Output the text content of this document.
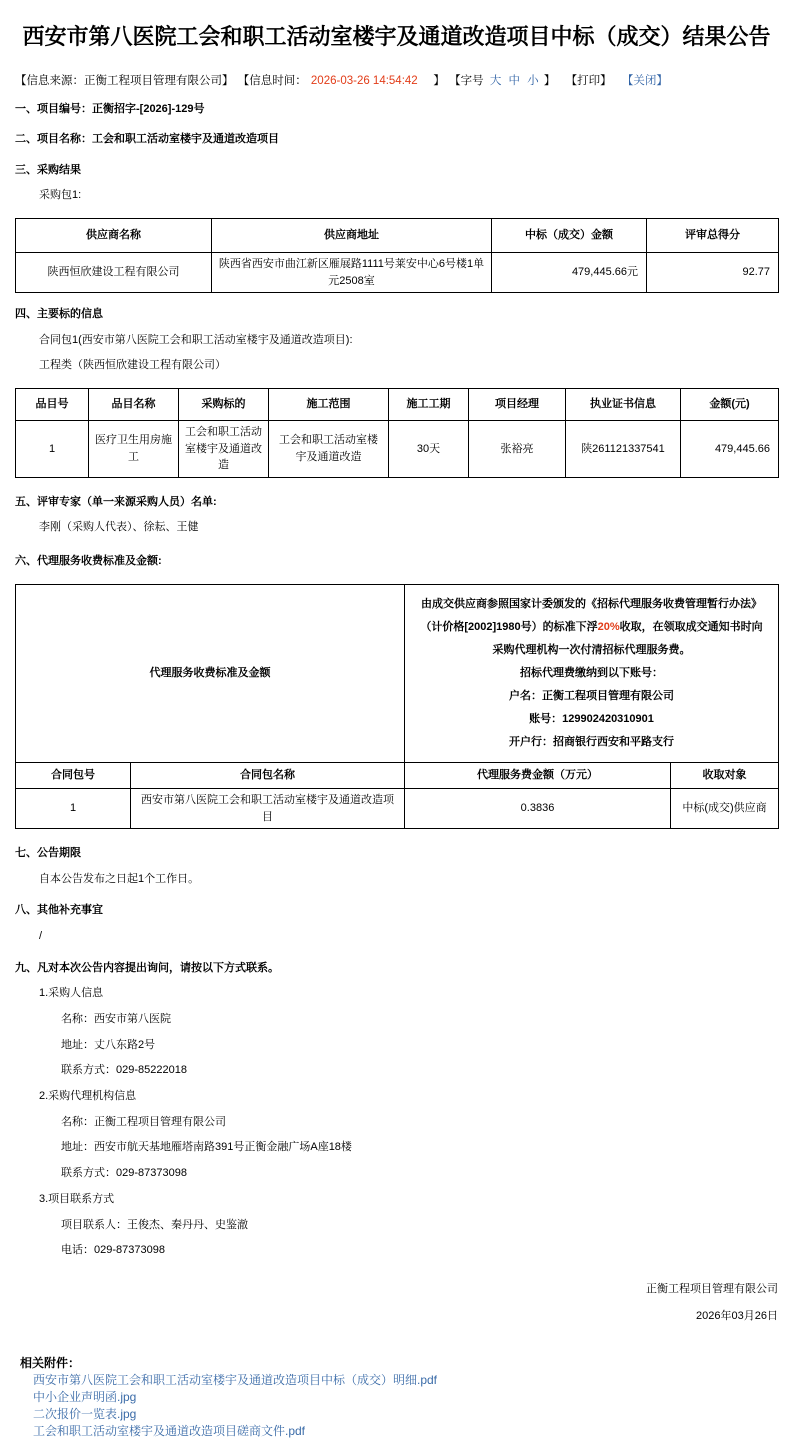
西安市第八医院工会和职工活动室楼宇及通道改造项目中标（成交）结果公告
【信息来源：正衡工程项目管理有限公司】 【信息时间： 2026-03-26 14:54:42 　】 【字号 大 中 小 】 【打印】 【关闭】
一、项目编号：正衡招字-[2026]-129号
二、项目名称：工会和职工活动室楼宇及通道改造项目
三、采购结果
采购包1:
供应商名称	供应商地址	中标（成交）金额	评审总得分
陕西恒欣建设工程有限公司	陕西省西安市曲江新区雁展路1111号莱安中心6号楼1单元2508室	479,445.66元	92.77
四、主要标的信息
合同包1(西安市第八医院工会和职工活动室楼宇及通道改造项目):
工程类（陕西恒欣建设工程有限公司）
品目号	品目名称	采购标的	施工范围	施工工期	项目经理	执业证书信息	金额(元)
1	医疗卫生用房施工	工会和职工活动室楼宇及通道改造	工会和职工活动室楼宇及通道改造	30天	张裕亮	陕261121337541	479,445.66
五、评审专家（单一来源采购人员）名单:
李刚（采购人代表）、徐耘、王健
六、代理服务收费标准及金额:
代理服务收费标准及金额		由成交供应商参照国家计委颁发的《招标代理服务收费管理暂行办法》（计价格[2002]1980号）的标准下浮20%收取，在领取成交通知书时向采购代理机构一次付清招标代理服务费。
招标代理费缴纳到以下账号：
户名：正衡工程项目管理有限公司
账号：129902420310901
开户行：招商银行西安和平路支行	

合同包号	合同包名称	代理服务费金额（万元）	收取对象
1	西安市第八医院工会和职工活动室楼宇及通道改造项目	0.3836	中标(成交)供应商
七、公告期限
自本公告发布之日起1个工作日。
八、其他补充事宜
/
九、凡对本次公告内容提出询问，请按以下方式联系。
1.采购人信息
名称：西安市第八医院
地址：丈八东路2号
联系方式：029-85222018
2.采购代理机构信息
名称：正衡工程项目管理有限公司
地址：西安市航天基地雁塔南路391号正衡金融广场A座18楼
联系方式：029-87373098
3.项目联系方式
项目联系人：王俊杰、秦丹丹、史鉴澈
电话：029-87373098
正衡工程项目管理有限公司
2026年03月26日
相关附件：
西安市第八医院工会和职工活动室楼宇及通道改造项目中标（成交）明细.pdf
中小企业声明函.jpg
二次报价一览表.jpg
工会和职工活动室楼宇及通道改造项目磋商文件.pdf
